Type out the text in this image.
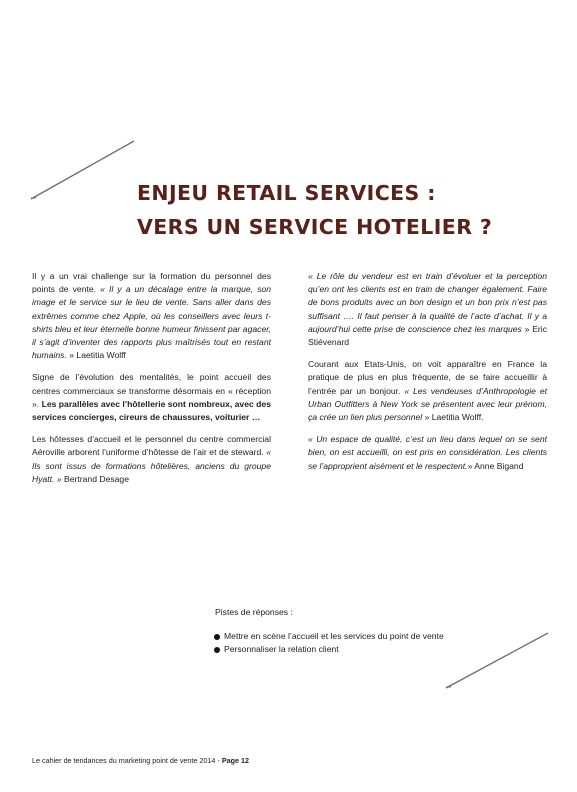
ENJEU RETAIL SERVICES :
VERS UN SERVICE HOTELIER ?

Il y a un vrai challenge sur la formation du personnel des points de vente. « Il y a un décalage entre la marque, son image et le service sur le lieu de vente. Sans aller dans des extrêmes comme chez Apple, où les conseillers avec leurs t-shirts bleu et leur éternelle bonne humeur finissent par agacer, il s’agit d’inventer des rapports plus maîtrisés tout en restant humains. » Laetitia Wolff

Signe de l’évolution des mentalités, le point accueil des centres commerciaux se transforme désormais en « réception ». Les parallèles avec l’hôtellerie sont nombreux, avec des services concierges, cireurs de chaussures, voiturier …

Les hôtesses d’accueil et le personnel du centre commercial Aéroville arborent l’uniforme d’hôtesse de l’air et de steward. « Ils sont issus de formations hôtelières, anciens du groupe Hyatt. » Bertrand Desage

« Le rôle du vendeur est en train d’évoluer et la perception qu’en ont les clients est en train de changer également. Faire de bons produits avec un bon design et un bon prix n’est pas suffisant …. Il faut penser à la qualité de l’acte d’achat. Il y a aujourd’hui cette prise de conscience chez les marques » Eric Stiévenard

Courant aux Etats-Unis, on voit apparaître en France la pratique de plus en plus fréquente, de se faire accueillir à l’entrée par un bonjour. « Les vendeuses d’Anthropologie et Urban Outfitters à New York se présentent avec leur prénom, ça crée un lien plus personnel » Laetitia Wolff.

« Un espace de qualité, c’est un lieu dans lequel on se sent bien, on est accueilli, on est pris en considération. Les clients se l’approprient aisément et le respectent.» Anne Bigand

Pistes de réponses :
Mettre en scène l’accueil et les services du point de vente
Personnaliser la relation client
Le cahier de tendances du marketing point de vente 2014 - Page 12
